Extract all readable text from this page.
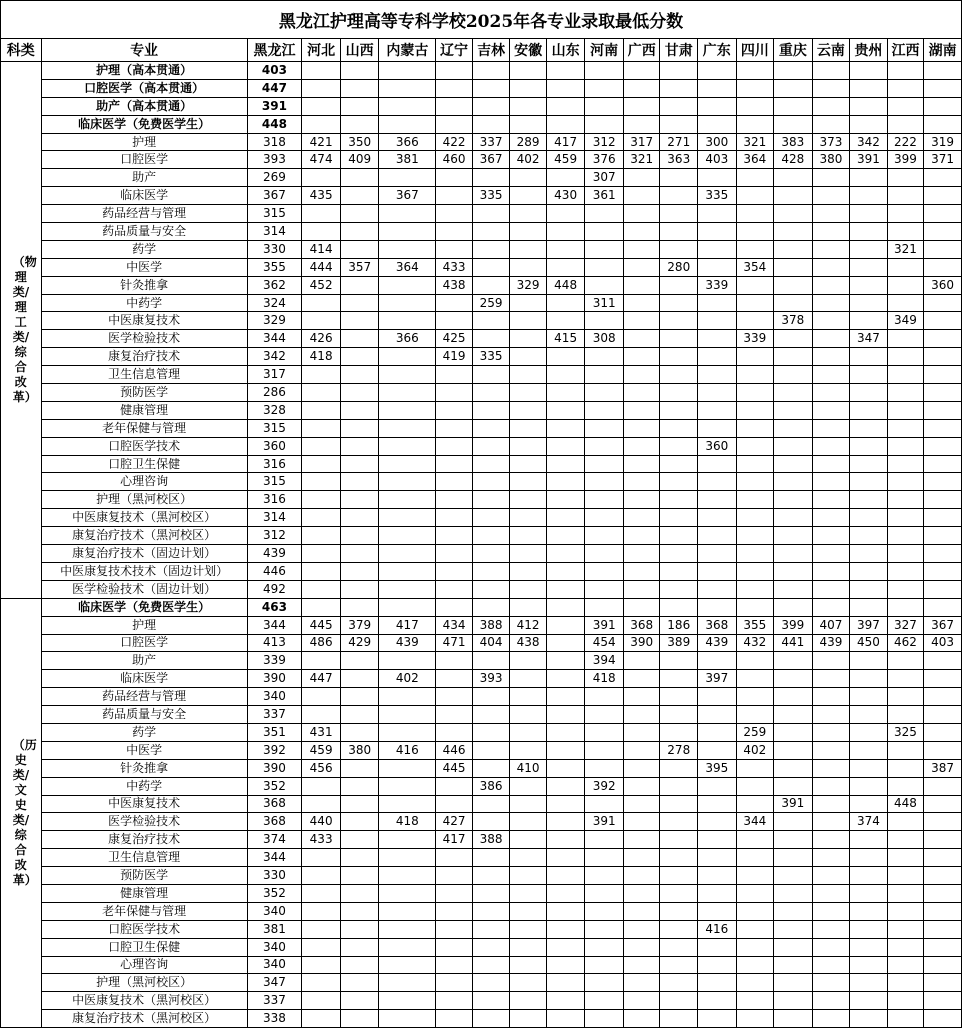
黑龙江护理高等专科学校2025年各专业录取最低分数																			
科类	专业	黑龙江	河北	山西	内蒙古	辽宁	吉林	安徽	山东	河南	广西	甘肃	广东	四川	重庆	云南	贵州	江西	湖南
（物理类/理工类/综合改革）	护理（高本贯通）	403																	
	口腔医学（高本贯通）	447																	
	助产（高本贯通）	391																	
	临床医学（免费医学生）	448																	
	护理	318	421	350	366	422	337	289	417	312	317	271	300	321	383	373	342	222	319
	口腔医学	393	474	409	381	460	367	402	459	376	321	363	403	364	428	380	391	399	371
	助产	269								307									
	临床医学	367	435		367		335		430	361			335						
	药品经营与管理	315																	
	药品质量与安全	314																	
	药学	330	414															321	
	中医学	355	444	357	364	433						280		354					
	针灸推拿	362	452			438		329	448				339						360
	中药学	324					259			311									
	中医康复技术	329													378			349	
	医学检验技术	344	426		366	425			415	308				339			347		
	康复治疗技术	342	418			419	335												
	卫生信息管理	317																	
	预防医学	286																	
	健康管理	328																	
	老年保健与管理	315																	
	口腔医学技术	360											360						
	口腔卫生保健	316																	
	心理咨询	315																	
	护理（黑河校区）	316																	
	中医康复技术（黑河校区）	314																	
	康复治疗技术（黑河校区）	312																	
	康复治疗技术（固边计划）	439																	
	中医康复技术技术（固边计划）	446																	
	医学检验技术（固边计划）	492																	
（历史类/文史类/综合改革）	临床医学（免费医学生）	463																	
	护理	344	445	379	417	434	388	412		391	368	186	368	355	399	407	397	327	367
	口腔医学	413	486	429	439	471	404	438		454	390	389	439	432	441	439	450	462	403
	助产	339								394									
	临床医学	390	447		402		393			418			397						
	药品经营与管理	340																	
	药品质量与安全	337																	
	药学	351	431											259				325	
	中医学	392	459	380	416	446						278		402					
	针灸推拿	390	456			445		410					395						387
	中药学	352					386			392									
	中医康复技术	368													391			448	
	医学检验技术	368	440		418	427				391				344			374		
	康复治疗技术	374	433			417	388												
	卫生信息管理	344																	
	预防医学	330																	
	健康管理	352																	
	老年保健与管理	340																	
	口腔医学技术	381											416						
	口腔卫生保健	340																	
	心理咨询	340																	
	护理（黑河校区）	347																	
	中医康复技术（黑河校区）	337																	
	康复治疗技术（黑河校区）	338																	
